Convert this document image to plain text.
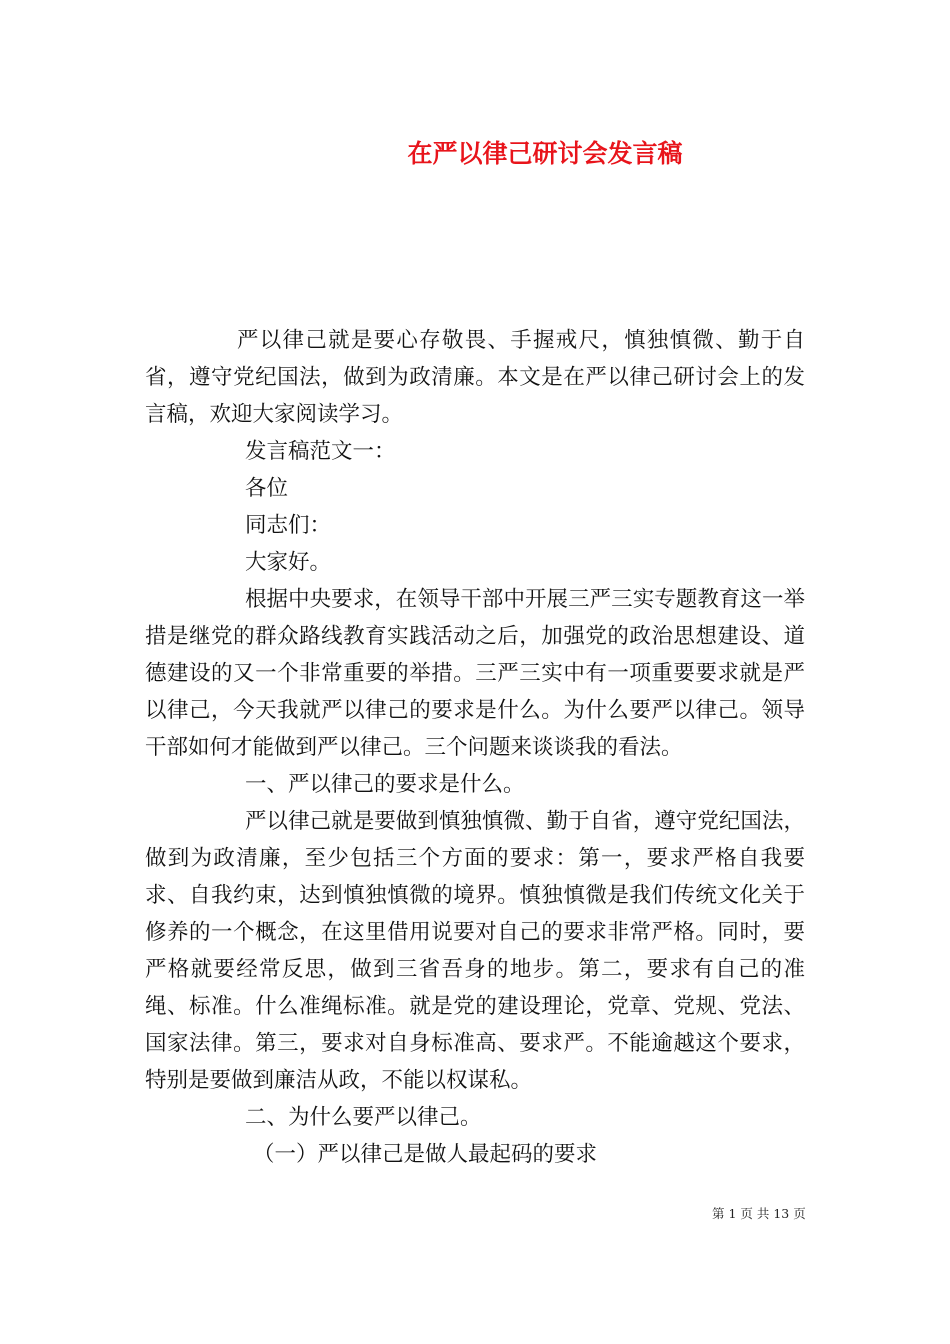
在严以律己研讨会发言稿

严以律己就是要心存敬畏、手握戒尺，慎独慎微、勤于自省，遵守党纪国法，做到为政清廉。本文是在严以律己研讨会上的发言稿，欢迎大家阅读学习。

发言稿范文一：

各位

同志们：

大家好。

根据中央要求，在领导干部中开展三严三实专题教育这一举措是继党的群众路线教育实践活动之后，加强党的政治思想建设、道德建设的又一个非常重要的举措。三严三实中有一项重要要求就是严以律己，今天我就严以律己的要求是什么。为什么要严以律己。领导干部如何才能做到严以律己。三个问题来谈谈我的看法。

一、严以律己的要求是什么。

严以律己就是要做到慎独慎微、勤于自省，遵守党纪国法，做到为政清廉，至少包括三个方面的要求：第一，要求严格自我要求、自我约束，达到慎独慎微的境界。慎独慎微是我们传统文化关于修养的一个概念，在这里借用说要对自己的要求非常严格。同时，要严格就要经常反思，做到三省吾身的地步。第二，要求有自己的准绳、标准。什么准绳标准。就是党的建设理论，党章、党规、党法、国家法律。第三，要求对自身标准高、要求严。不能逾越这个要求，特别是要做到廉洁从政，不能以权谋私。

二、为什么要严以律己。

（一）严以律己是做人最起码的要求

第 1 页 共 13 页
